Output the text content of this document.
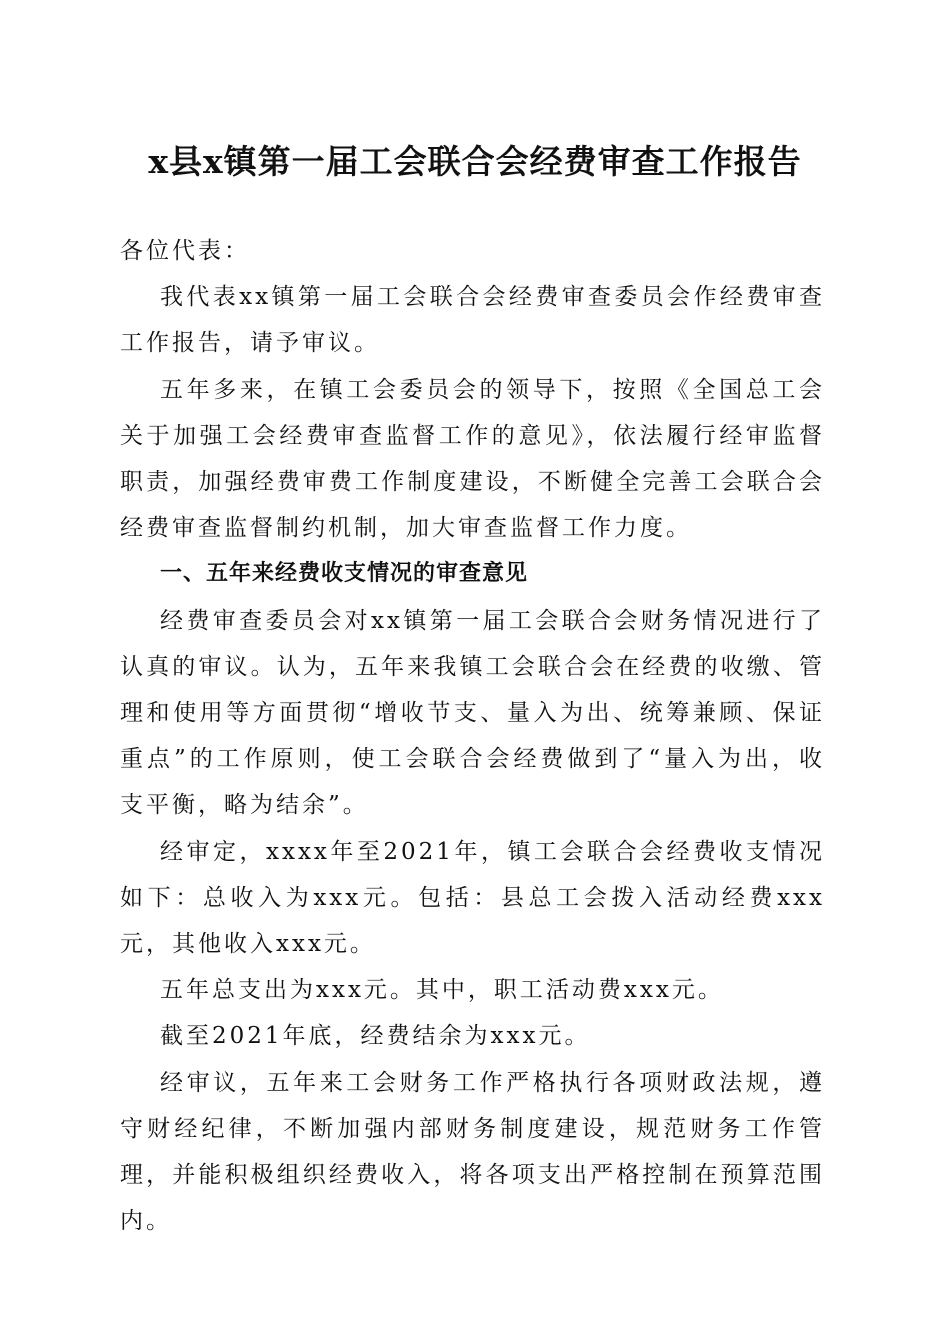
x县x镇第一届工会联合会经费审查工作报告

各位代表：

我代表xx镇第一届工会联合会经费审查委员会作经费审查工作报告，请予审议。

五年多来，在镇工会委员会的领导下，按照《全国总工会关于加强工会经费审查监督工作的意见》，依法履行经审监督职责，加强经费审费工作制度建设，不断健全完善工会联合会经费审查监督制约机制，加大审查监督工作力度。

一、五年来经费收支情况的审查意见

经费审查委员会对xx镇第一届工会联合会财务情况进行了认真的审议。认为，五年来我镇工会联合会在经费的收缴、管理和使用等方面贯彻“增收节支、量入为出、统筹兼顾、保证重点”的工作原则，使工会联合会经费做到了“量入为出，收支平衡，略为结余”。

经审定，xxxx年至2021年，镇工会联合会经费收支情况如下：总收入为xxx元。包括：县总工会拨入活动经费xxx元，其他收入xxx元。

五年总支出为xxx元。其中，职工活动费xxx元。

截至2021年底，经费结余为xxx元。

经审议，五年来工会财务工作严格执行各项财政法规，遵守财经纪律，不断加强内部财务制度建设，规范财务工作管理，并能积极组织经费收入，将各项支出严格控制在预算范围内。
